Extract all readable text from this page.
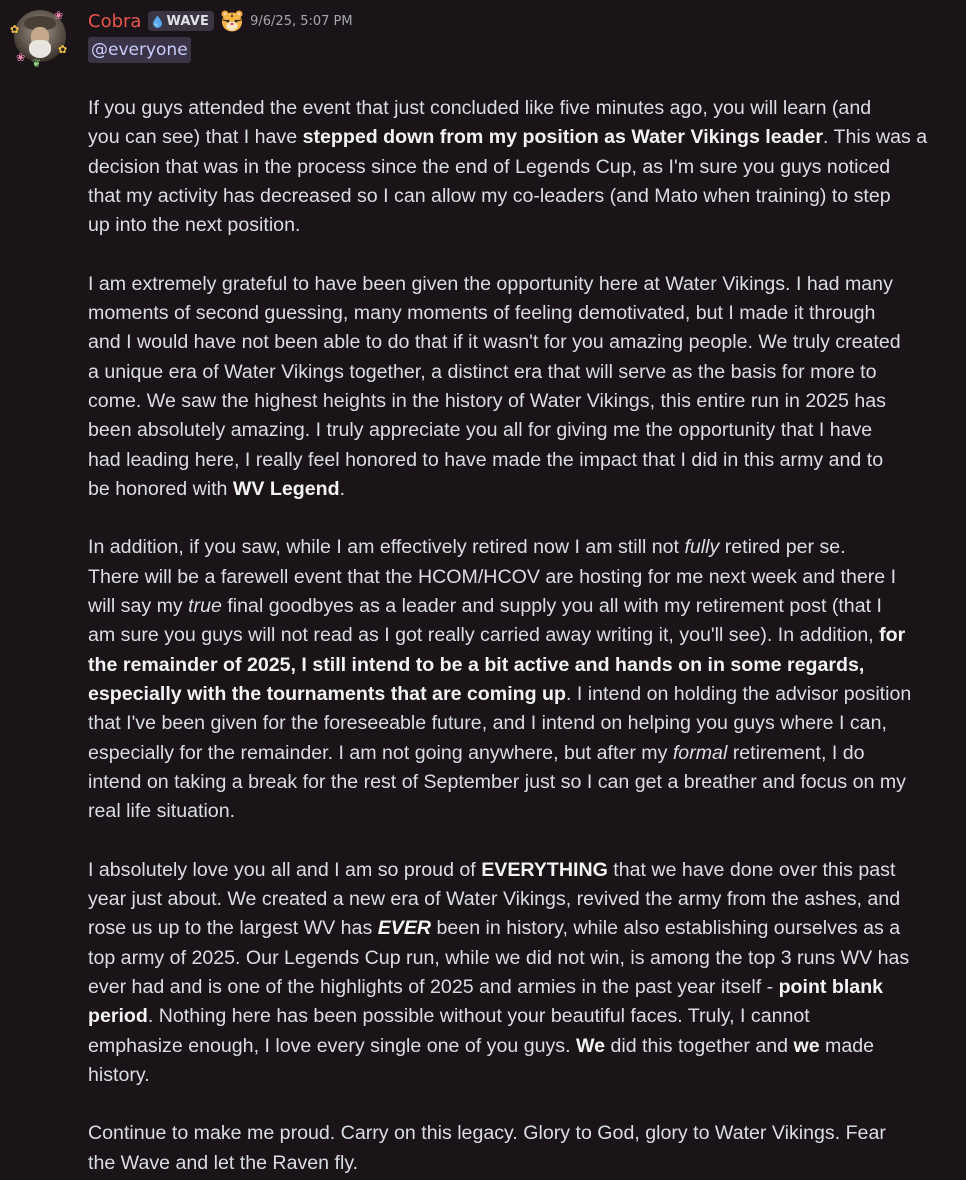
✿
❀
✿
❀ ❦
Cobra WAVE	9/6/25, 5:07 PM
@everyone
If you guys attended the event that just concluded like five minutes ago, you will learn (and
you can see) that I have stepped down from my position as Water Vikings leader. This was a
decision that was in the process since the end of Legends Cup, as I'm sure you guys noticed
that my activity has decreased so I can allow my co-leaders (and Mato when training) to step
up into the next position.
I am extremely grateful to have been given the opportunity here at Water Vikings. I had many
moments of second guessing, many moments of feeling demotivated, but I made it through
and I would have not been able to do that if it wasn't for you amazing people. We truly created
a unique era of Water Vikings together, a distinct era that will serve as the basis for more to
come. We saw the highest heights in the history of Water Vikings, this entire run in 2025 has
been absolutely amazing. I truly appreciate you all for giving me the opportunity that I have
had leading here, I really feel honored to have made the impact that I did in this army and to
be honored with WV Legend.
In addition, if you saw, while I am effectively retired now I am still not fully retired per se.
There will be a farewell event that the HCOM/HCOV are hosting for me next week and there I
will say my true final goodbyes as a leader and supply you all with my retirement post (that I
am sure you guys will not read as I got really carried away writing it, you'll see). In addition, for
the remainder of 2025, I still intend to be a bit active and hands on in some regards,
especially with the tournaments that are coming up. I intend on holding the advisor position
that I've been given for the foreseeable future, and I intend on helping you guys where I can,
especially for the remainder. I am not going anywhere, but after my formal retirement, I do
intend on taking a break for the rest of September just so I can get a breather and focus on my
real life situation.
I absolutely love you all and I am so proud of EVERYTHING that we have done over this past
year just about. We created a new era of Water Vikings, revived the army from the ashes, and
rose us up to the largest WV has EVER been in history, while also establishing ourselves as a
top army of 2025. Our Legends Cup run, while we did not win, is among the top 3 runs WV has
ever had and is one of the highlights of 2025 and armies in the past year itself - point blank
period. Nothing here has been possible without your beautiful faces. Truly, I cannot
emphasize enough, I love every single one of you guys. We did this together and we made
history.
Continue to make me proud. Carry on this legacy. Glory to God, glory to Water Vikings. Fear
the Wave and let the Raven fly.
